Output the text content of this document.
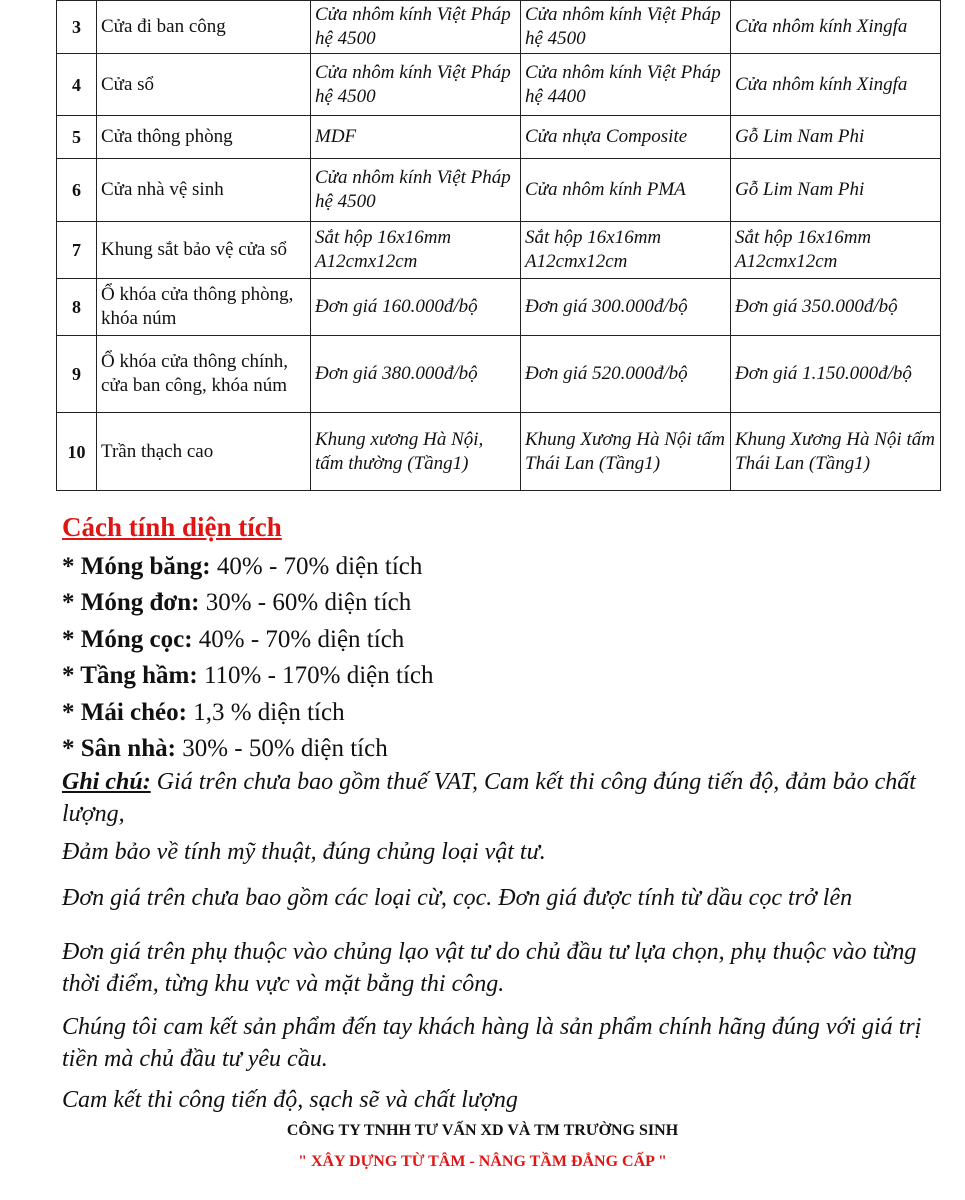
3	Cửa đi ban công	Cửa nhôm kính Việt Pháp hệ 4500	Cửa nhôm kính Việt Pháp hệ 4500	Cửa nhôm kính Xingfa
4	Cửa sổ	Cửa nhôm kính Việt Pháp hệ 4500	Cửa nhôm kính Việt Pháp hệ 4400	Cửa nhôm kính Xingfa
5	Cửa thông phòng	MDF	Cửa nhựa Composite	Gỗ Lim Nam Phi
6	Cửa nhà vệ sinh	Cửa nhôm kính Việt Pháp hệ 4500	Cửa nhôm kính PMA	Gỗ Lim Nam Phi
7	Khung sắt bảo vệ cửa sổ	Sắt hộp 16x16mm A12cmx12cm	Sắt hộp 16x16mm A12cmx12cm	Sắt hộp 16x16mm A12cmx12cm
8	Ổ khóa cửa thông phòng, khóa núm	Đơn giá 160.000đ/bộ	Đơn giá 300.000đ/bộ	Đơn giá 350.000đ/bộ
9	Ổ khóa cửa thông chính, cửa ban công, khóa núm	Đơn giá 380.000đ/bộ	Đơn giá 520.000đ/bộ	Đơn giá 1.150.000đ/bộ
10	Trần thạch cao	Khung xương Hà Nội, tấm thường (Tầng1)	Khung Xương Hà Nội tấm Thái Lan (Tầng1)	Khung Xương Hà Nội tấm Thái Lan (Tầng1)
Cách tính diện tích
* Móng băng: 40% - 70% diện tích
* Móng đơn: 30% - 60% diện tích
* Móng cọc: 40% - 70% diện tích
* Tầng hầm: 110% - 170% diện tích
* Mái chéo: 1,3 % diện tích
* Sân nhà: 30% - 50% diện tích

Ghi chú: Giá trên chưa bao gồm thuế VAT, Cam kết thi công đúng tiến độ, đảm bảo chất lượng,

Đảm bảo về tính mỹ thuật, đúng chủng loại vật tư.

Đơn giá trên chưa bao gồm các loại cừ, cọc. Đơn giá được tính từ dầu cọc trở lên

Đơn giá trên phụ thuộc vào chủng lạo vật tư do chủ đầu tư lựa chọn, phụ thuộc vào từng thời điểm, từng khu vực và mặt bằng thi công.

Chúng tôi cam kết sản phẩm đến tay khách hàng là sản phẩm chính hãng đúng với giá trị tiền mà chủ đầu tư yêu cầu.

Cam kết thi công tiến độ, sạch sẽ và chất lượng

CÔNG TY TNHH TƯ VẤN XD VÀ TM TRƯỜNG SINH

" XÂY DỰNG TỪ TÂM - NÂNG TẦM ĐẲNG CẤP "
